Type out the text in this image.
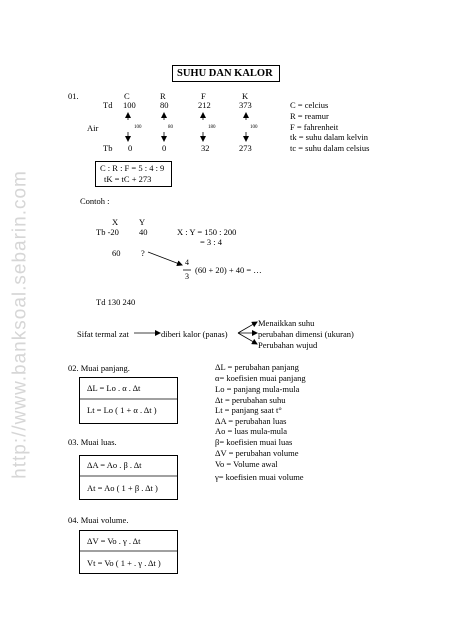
http://www.banksoal.sebarin.com
SUHU DAN KALOR
01.	C	R	F	K
Td 100	80	212	373
Air	100	80	180	100
Tb 0	0	32	273
C = celcius
R = reamur
F = fahrenheit
tk = suhu dalam kelvin
tc = suhu dalam celsius
C : R : F = 5 : 4 : 9
tK = tC + 273
Contoh :
X Y
Tb -20 40	X : Y = 150 : 200
= 3 : 4
60 ?
4
3
(60 + 20) + 40 = …
Td 130 240
Sifat termal zat	diberi kalor (panas)
Menaikkan suhu
perubahan dimensi (ukuran)
Perubahan wujud
02. Muai panjang.
ΔL = Lo . α . Δt
Lt = Lo ( 1 + α . Δt )
ΔL = perubahan panjang
α= koefisien muai panjang
Lo = panjang mula-mula
Δt = perubahan suhu
Lt = panjang saat t°
03. Muai luas.
ΔA = Ao . β . Δt
At = Ao ( 1 + β . Δt )
ΔA = perubahan luas
Ao = luas mula-mula
β= koefisien muai luas
ΔV = perubahan volume
Vo = Volume awal
γ= koefisien muai volume
04. Muai volume.
ΔV = Vo . γ . Δt
Vt = Vo ( 1 + . γ . Δt )
